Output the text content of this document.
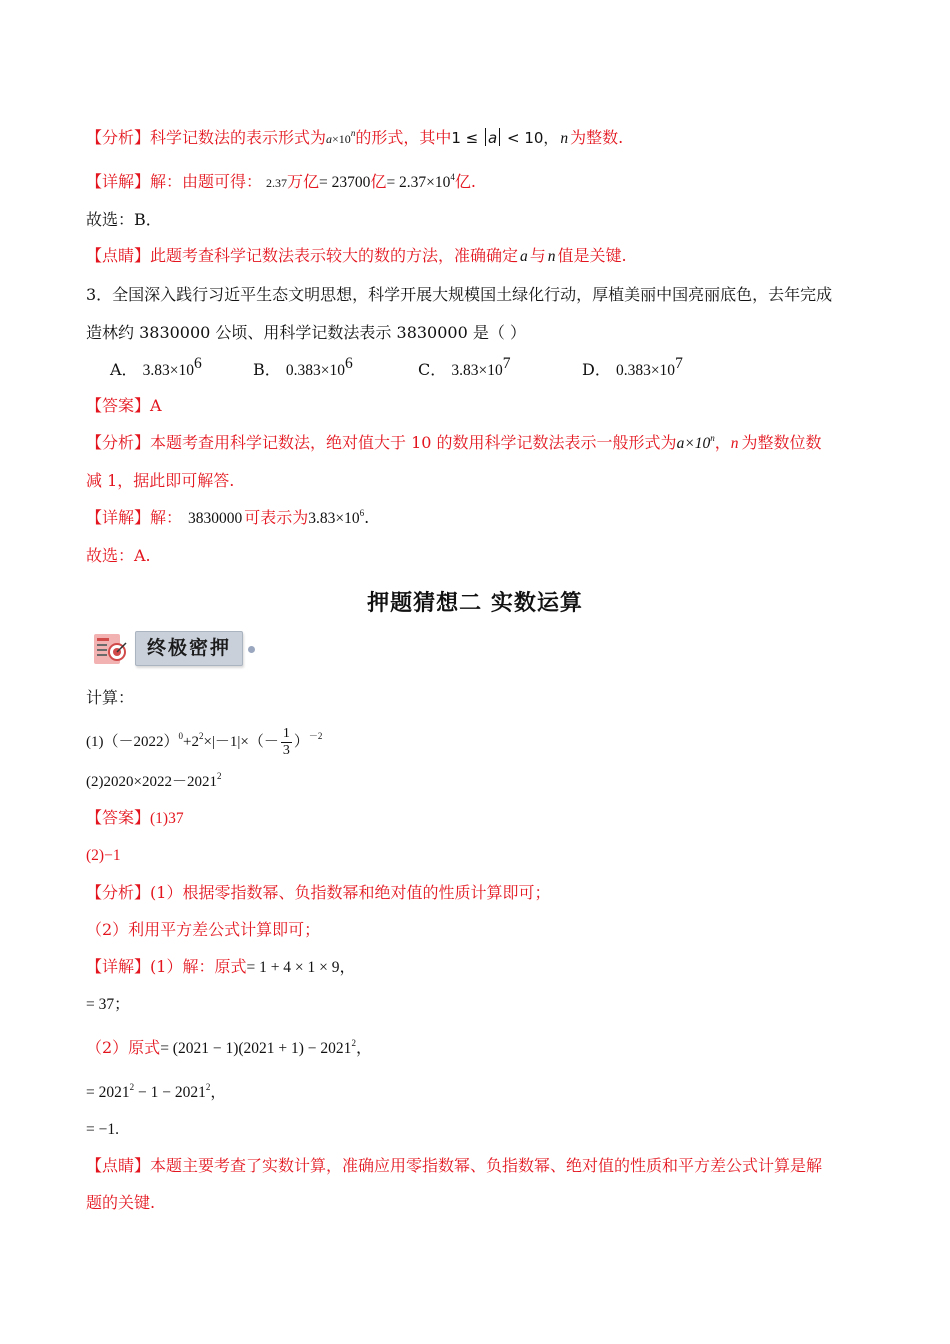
【分析】科学记数法的表示形式为$a\times 10^n$的形式，其中1 ≤ a < 10， n 为整数.
【详解】解：由题可得： 2.37万亿= 23700亿= $2.37\times 10^4$亿.
故选：B．
【点睛】此题考查科学记数法表示较大的数的方法，准确确定 a 与 n 值是关键.
3．全国深入践行习近平生态文明思想，科学开展大规模国土绿化行动，厚植美丽中国亮丽底色，去年完成
造林约 3830000 公顷、用科学记数法表示 3830000 是（ ）
A． $3.83\times 10^6$	B． $0.383\times 10^6$	C． $3.83\times 10^7$	D． $0.383\times 10^7$
【答案】A
【分析】本题考查用科学记数法，绝对值大于 10 的数用科学记数法表示一般形式为$a\times 10^n$，n 为整数位数
减 1，据此即可解答.
【详解】解： 3830000 可表示为$3.83\times 10^6$.
故选：A.
押题猜想二 实数运算
终极密押
计算：
$(1)(-2022)^0+2^2\times|-1|\times(- \frac{1}{3} )^{-2}$
$(2)2020\times 2022-2021^2$
【答案】(1)37
(2)−1
【分析】(1）根据零指数幂、负指数幂和绝对值的性质计算即可；
（2）利用平方差公式计算即可；
【详解】(1）解：原式= 1 + 4 × 1 × 9，
= 37；
（2）原式= $(2021 - 1)(2021 + 1) - 2021^2$，
= $2021^2 - 1 - 2021^2$，
= −1.
【点睛】本题主要考查了实数计算，准确应用零指数幂、负指数幂、绝对值的性质和平方差公式计算是解
题的关键.
